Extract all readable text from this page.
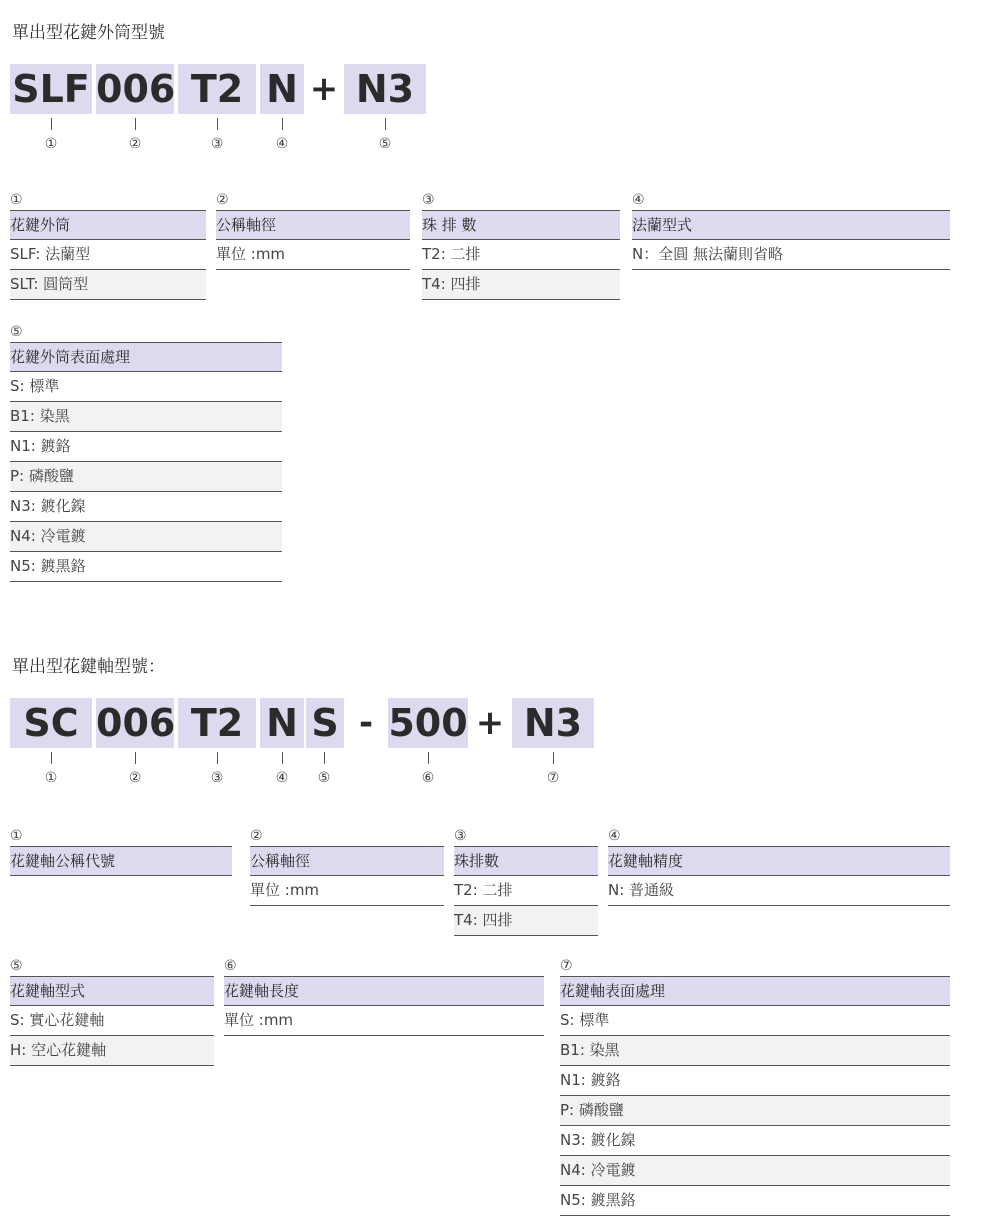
單出型花鍵外筒型號
SLF 006 T2 N + N3
①	②	③	④	⑤
①
花鍵外筒
SLF: 法蘭型
SLT: 圓筒型
②
公稱軸徑
單位 :mm
③
珠 排 數
T2: 二排
T4: 四排
④
法蘭型式
N：全圓 無法蘭則省略
⑤
花鍵外筒表面處理
S: 標準
B1: 染黑
N1: 鍍鉻
P: 磷酸鹽
N3: 鍍化鎳
N4: 冷電鍍
N5: 鍍黑鉻
單出型花鍵軸型號：
SC 006 T2 N S - 500 + N3
①	②	③	④ ⑤	⑥	⑦
①
花鍵軸公稱代號
②
公稱軸徑
單位 :mm
③
珠排數
T2: 二排
T4: 四排
④
花鍵軸精度
N: 普通級
⑤
花鍵軸型式
S: 實心花鍵軸
H: 空心花鍵軸
⑥
花鍵軸長度
單位 :mm
⑦
花鍵軸表面處理
S: 標準
B1: 染黑
N1: 鍍鉻
P: 磷酸鹽
N3: 鍍化鎳
N4: 冷電鍍
N5: 鍍黑鉻
